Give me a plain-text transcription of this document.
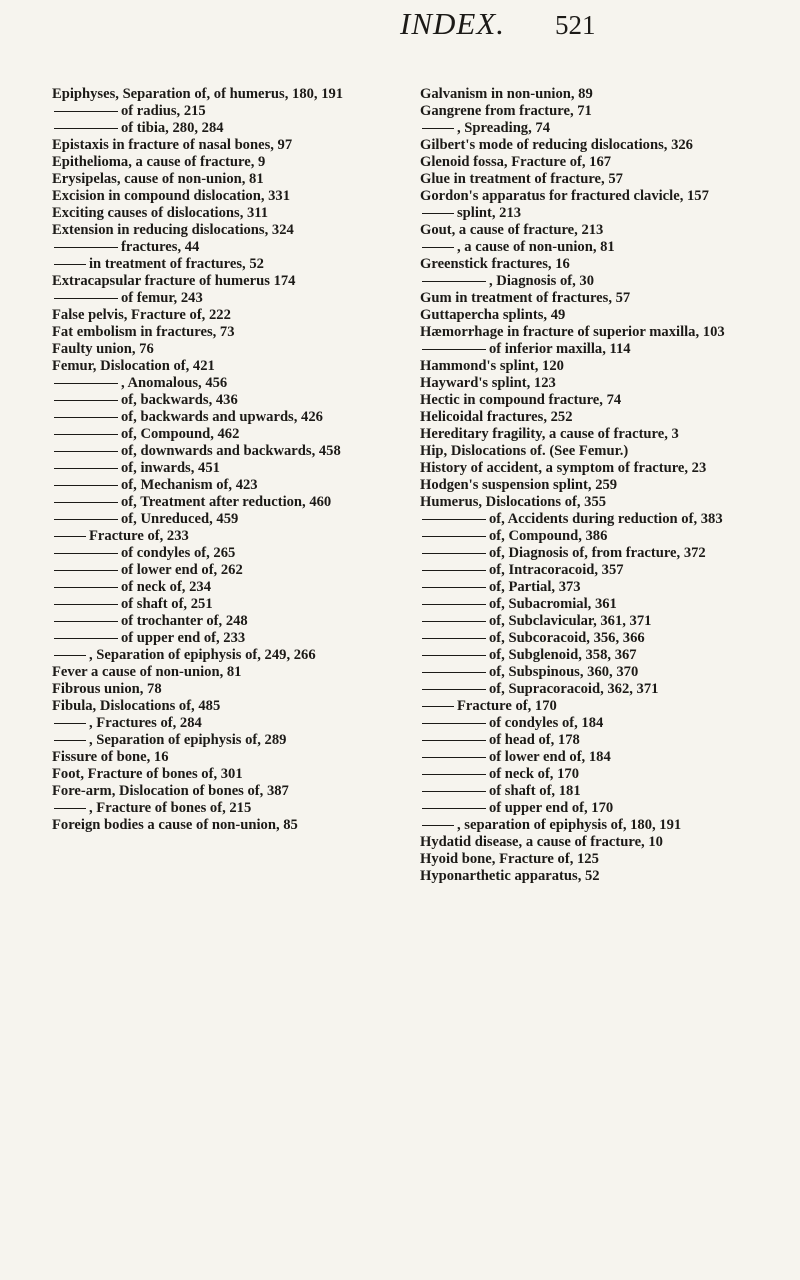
INDEX. 521
Epiphyses, Separation of, of humerus, 180, 191
of radius, 215
of tibia, 280, 284
Epistaxis in fracture of nasal bones, 97
Epithelioma, a cause of fracture, 9
Erysipelas, cause of non-union, 81
Excision in compound dislocation, 331
Exciting causes of dislocations, 311
Extension in reducing dislocations, 324
fractures, 44
in treatment of fractures, 52
Extracapsular fracture of humerus 174
of femur, 243
False pelvis, Fracture of, 222
Fat embolism in fractures, 73
Faulty union, 76
Femur, Dislocation of, 421
, Anomalous, 456
of, backwards, 436
of, backwards and upwards, 426
of, Compound, 462
of, downwards and backwards, 458
of, inwards, 451
of, Mechanism of, 423
of, Treatment after reduction, 460
of, Unreduced, 459
Fracture of, 233
of condyles of, 265
of lower end of, 262
of neck of, 234
of shaft of, 251
of trochanter of, 248
of upper end of, 233
, Separation of epiphysis of, 249, 266
Fever a cause of non-union, 81
Fibrous union, 78
Fibula, Dislocations of, 485
, Fractures of, 284
, Separation of epiphysis of, 289
Fissure of bone, 16
Foot, Fracture of bones of, 301
Fore-arm, Dislocation of bones of, 387
, Fracture of bones of, 215
Foreign bodies a cause of non-union, 85
Galvanism in non-union, 89
Gangrene from fracture, 71
, Spreading, 74
Gilbert's mode of reducing dislocations, 326
Glenoid fossa, Fracture of, 167
Glue in treatment of fracture, 57
Gordon's apparatus for fractured clavicle, 157
splint, 213
Gout, a cause of fracture, 213
, a cause of non-union, 81
Greenstick fractures, 16
, Diagnosis of, 30
Gum in treatment of fractures, 57
Guttapercha splints, 49
Hæmorrhage in fracture of superior maxilla, 103
of inferior maxilla, 114
Hammond's splint, 120
Hayward's splint, 123
Hectic in compound fracture, 74
Helicoidal fractures, 252
Hereditary fragility, a cause of fracture, 3
Hip, Dislocations of. (See Femur.)
History of accident, a symptom of fracture, 23
Hodgen's suspension splint, 259
Humerus, Dislocations of, 355
of, Accidents during reduction of, 383
of, Compound, 386
of, Diagnosis of, from fracture, 372
of, Intracoracoid, 357
of, Partial, 373
of, Subacromial, 361
of, Subclavicular, 361, 371
of, Subcoracoid, 356, 366
of, Subglenoid, 358, 367
of, Subspinous, 360, 370
of, Supracoracoid, 362, 371
Fracture of, 170
of condyles of, 184
of head of, 178
of lower end of, 184
of neck of, 170
of shaft of, 181
of upper end of, 170
, separation of epiphysis of, 180, 191
Hydatid disease, a cause of fracture, 10
Hyoid bone, Fracture of, 125
Hyponarthetic apparatus, 52
